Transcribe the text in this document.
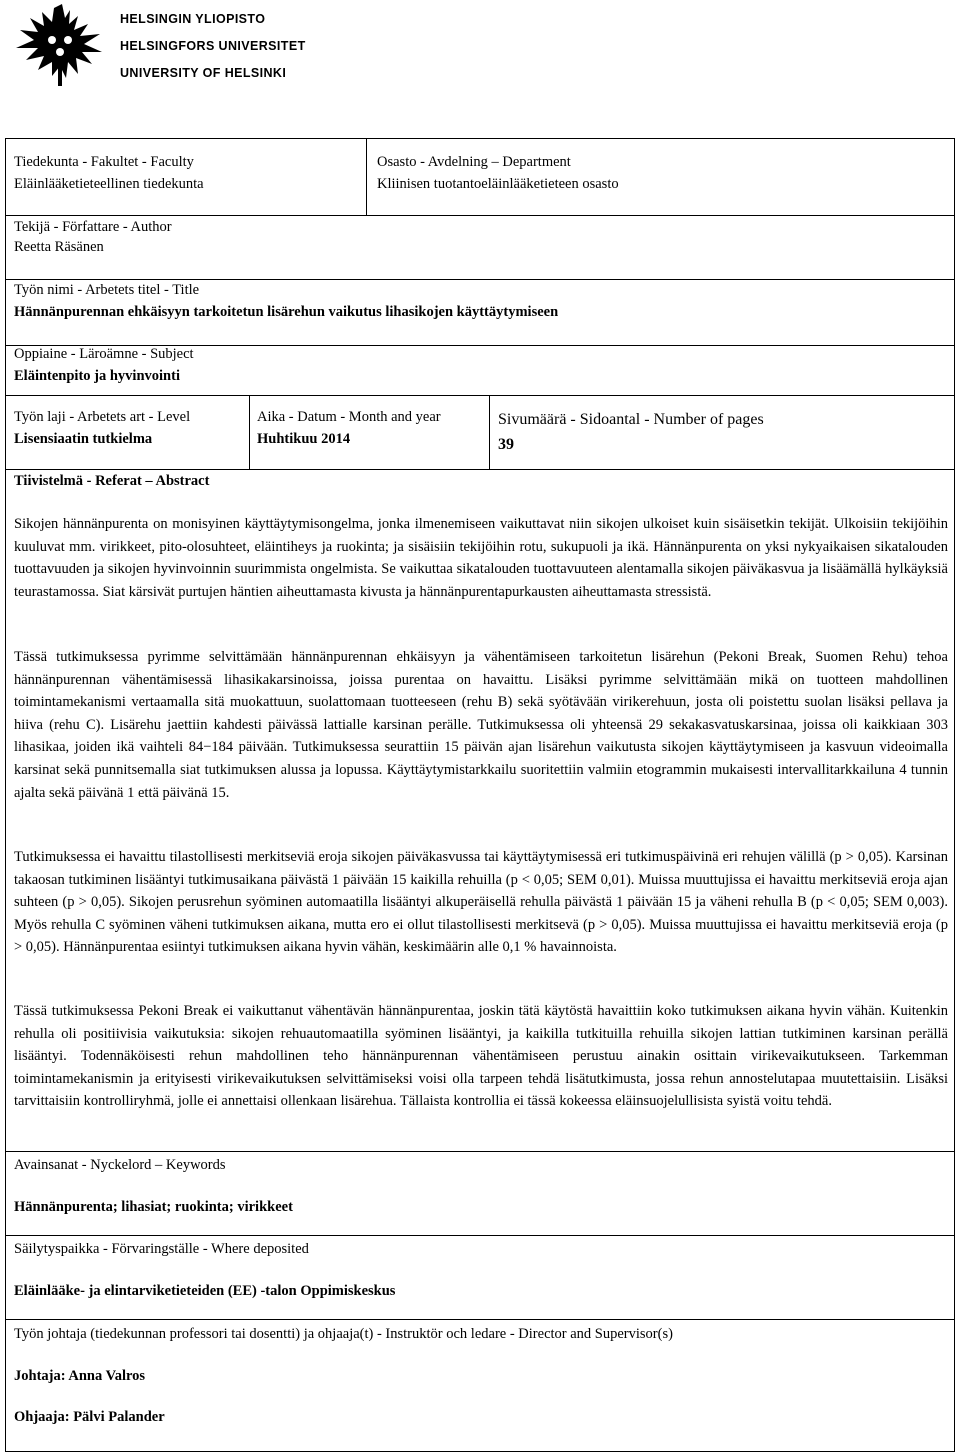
HELSINGIN YLIOPISTO
HELSINGFORS UNIVERSITET
UNIVERSITY OF HELSINKI
Tiedekunta - Fakultet - Faculty
Eläinlääketieteellinen tiedekunta
Osasto - Avdelning – Department
Kliinisen tuotantoeläinlääketieteen osasto
Tekijä - Författare - Author
Reetta Räsänen
Työn nimi - Arbetets titel - Title
Hännänpurennan ehkäisyyn tarkoitetun lisärehun vaikutus lihasikojen käyttäytymiseen
Oppiaine - Läroämne - Subject
Eläintenpito ja hyvinvointi
Työn laji - Arbetets art - Level
Lisensiaatin tutkielma
Aika - Datum - Month and year
Huhtikuu 2014
Sivumäärä - Sidoantal - Number of pages
39
Tiivistelmä - Referat – Abstract
Sikojen hännänpurenta on monisyinen käyttäytymisongelma, jonka ilmenemiseen vaikuttavat niin sikojen ulkoiset kuin sisäisetkin tekijät. Ulkoisiin tekijöihin kuuluvat mm. virikkeet, pito-olosuhteet, eläintiheys ja ruokinta; ja sisäisiin tekijöihin rotu, sukupuoli ja ikä. Hännänpurenta on yksi nykyaikaisen sikatalouden tuottavuuden ja sikojen hyvinvoinnin suurimmista ongelmista. Se vaikuttaa sikatalouden tuottavuuteen alentamalla sikojen päiväkasvua ja lisäämällä hylkäyksiä teurastamossa. Siat kärsivät purtujen häntien aiheuttamasta kivusta ja hännänpurentapurkausten aiheuttamasta stressistä.
Tässä tutkimuksessa pyrimme selvittämään hännänpurennan ehkäisyyn ja vähentämiseen tarkoitetun lisärehun (Pekoni Break, Suomen Rehu) tehoa hännänpurennan vähentämisessä lihasikakarsinoissa, joissa purentaa on havaittu. Lisäksi pyrimme selvittämään mikä on tuotteen mahdollinen toimintamekanismi vertaamalla sitä muokattuun, suolattomaan tuotteeseen (rehu B) sekä syötävään virikerehuun, josta oli poistettu suolan lisäksi pellava ja hiiva (rehu C). Lisärehu jaettiin kahdesti päivässä lattialle karsinan perälle. Tutkimuksessa oli yhteensä 29 sekakasvatuskarsinaa, joissa oli kaikkiaan 303 lihasikaa, joiden ikä vaihteli 84−184 päivään. Tutkimuksessa seurattiin 15 päivän ajan lisärehun vaikutusta sikojen käyttäytymiseen ja kasvuun videoimalla karsinat sekä punnitsemalla siat tutkimuksen alussa ja lopussa. Käyttäytymistarkkailu suoritettiin valmiin etogrammin mukaisesti intervallitarkkailuna 4 tunnin ajalta sekä päivänä 1 että päivänä 15.
Tutkimuksessa ei havaittu tilastollisesti merkitseviä eroja sikojen päiväkasvussa tai käyttäytymisessä eri tutkimuspäivinä eri rehujen välillä (p > 0,05). Karsinan takaosan tutkiminen lisääntyi tutkimusaikana päivästä 1 päivään 15 kaikilla rehuilla (p < 0,05; SEM 0,01). Muissa muuttujissa ei havaittu merkitseviä eroja ajan suhteen (p > 0,05). Sikojen perusrehun syöminen automaatilla lisääntyi alkuperäisellä rehulla päivästä 1 päivään 15 ja väheni rehulla B (p < 0,05; SEM 0,003). Myös rehulla C syöminen väheni tutkimuksen aikana, mutta ero ei ollut tilastollisesti merkitsevä (p > 0,05). Muissa muuttujissa ei havaittu merkitseviä eroja (p > 0,05). Hännänpurentaa esiintyi tutkimuksen aikana hyvin vähän, keskimäärin alle 0,1 % havainnoista.
Tässä tutkimuksessa Pekoni Break ei vaikuttanut vähentävän hännänpurentaa, joskin tätä käytöstä havaittiin koko tutkimuksen aikana hyvin vähän. Kuitenkin rehulla oli positiivisia vaikutuksia: sikojen rehuautomaatilla syöminen lisääntyi, ja kaikilla tutkituilla rehuilla sikojen lattian tutkiminen karsinan perällä lisääntyi. Todennäköisesti rehun mahdollinen teho hännänpurennan vähentämiseen perustuu ainakin osittain virikevaikutukseen. Tarkemman toimintamekanismin ja erityisesti virikevaikutuksen selvittämiseksi voisi olla tarpeen tehdä lisätutkimusta, jossa rehun annostelutapaa muutettaisiin. Lisäksi tarvittaisiin kontrolliryhmä, jolle ei annettaisi ollenkaan lisärehua. Tällaista kontrollia ei tässä kokeessa eläinsuojelullisista syistä voitu tehdä.
Avainsanat - Nyckelord – Keywords
Hännänpurenta; lihasiat; ruokinta; virikkeet
Säilytyspaikka - Förvaringställe - Where deposited
Eläinlääke- ja elintarviketieteiden (EE) -talon Oppimiskeskus
Työn johtaja (tiedekunnan professori tai dosentti) ja ohjaaja(t) - Instruktör och ledare - Director and Supervisor(s)
Johtaja: Anna Valros
Ohjaaja: Pälvi Palander
